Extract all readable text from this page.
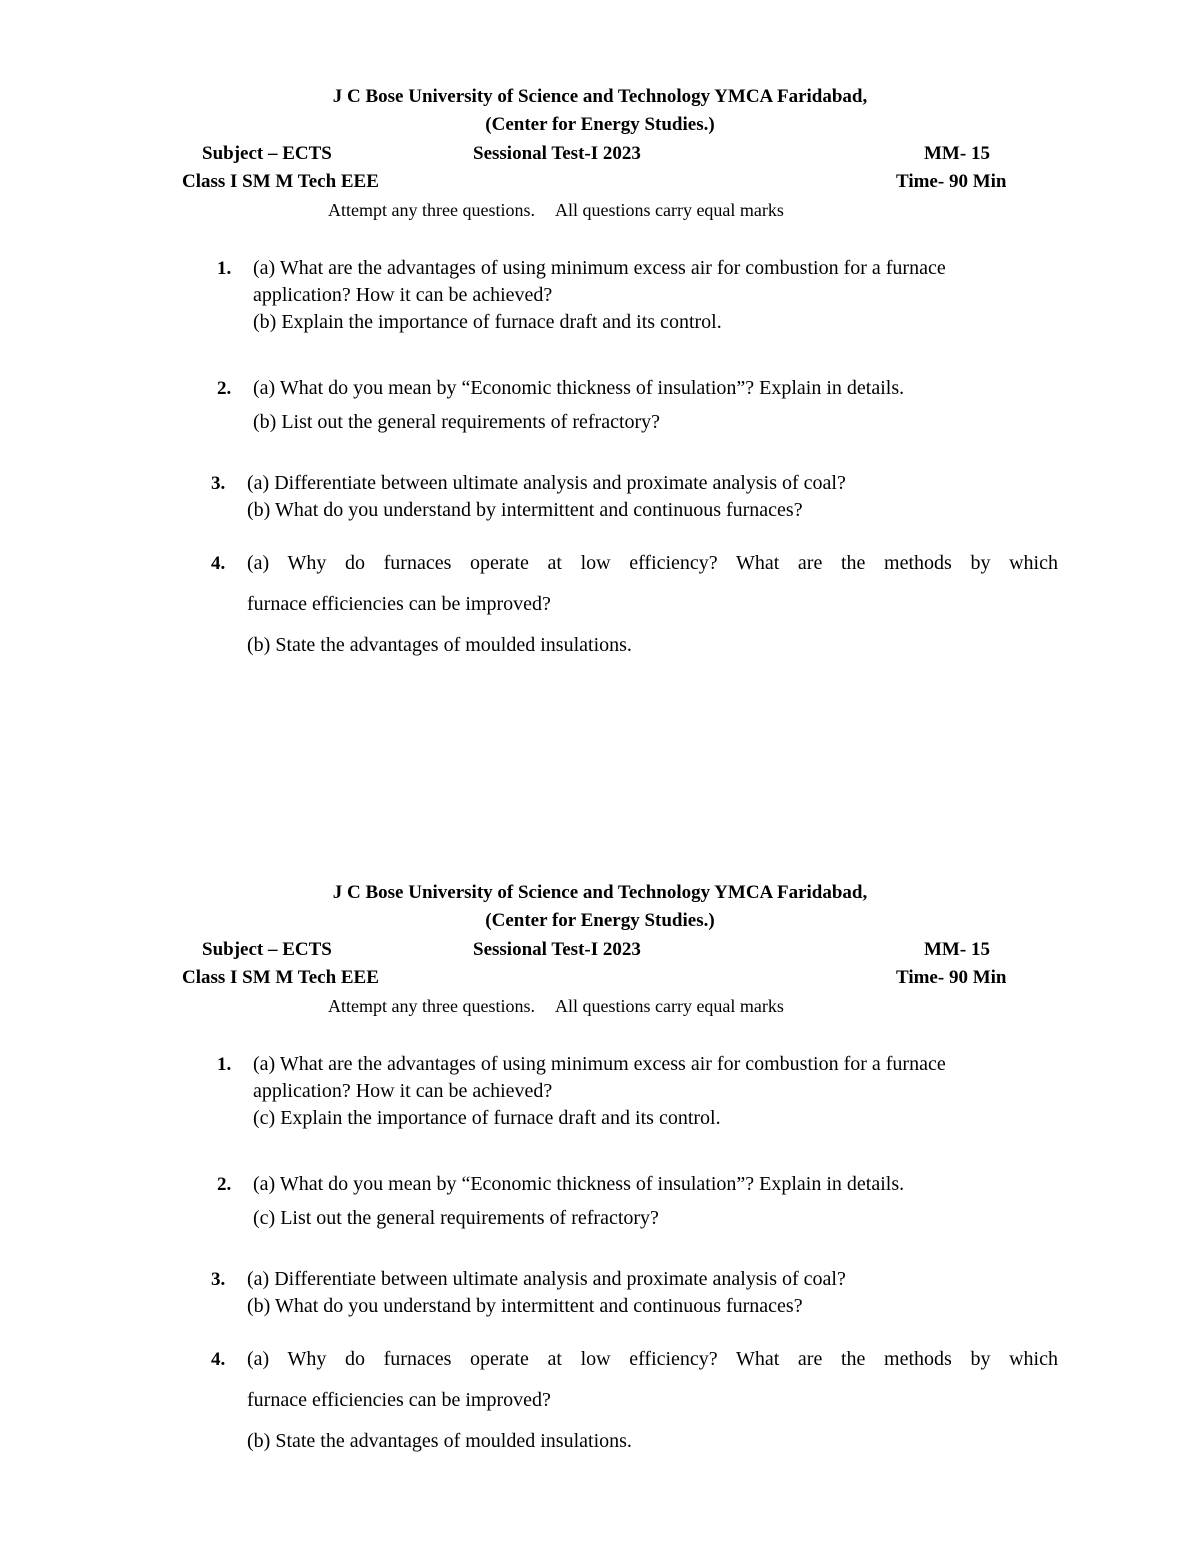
J C Bose University of Science and Technology YMCA Faridabad,
(Center for Energy Studies.)
Subject – ECTS	Sessional Test-I 2023	MM- 15
Class I SM M Tech EEE	Time- 90 Min
Attempt any three questions. All questions carry equal marks
1. (a) What are the advantages of using minimum excess air for combustion for a furnace
application? How it can be achieved?
(b) Explain the importance of furnace draft and its control.
2. (a) What do you mean by “Economic thickness of insulation”? Explain in details.
(b) List out the general requirements of refractory?
3. (a) Differentiate between ultimate analysis and proximate analysis of coal?
(b) What do you understand by intermittent and continuous furnaces?
4. (a) Why do furnaces operate at low efficiency? What are the methods by which
furnace efficiencies can be improved?
(b) State the advantages of moulded insulations.
J C Bose University of Science and Technology YMCA Faridabad,
(Center for Energy Studies.)
Subject – ECTS	Sessional Test-I 2023	MM- 15
Class I SM M Tech EEE	Time- 90 Min
Attempt any three questions. All questions carry equal marks
1. (a) What are the advantages of using minimum excess air for combustion for a furnace
application? How it can be achieved?
(c) Explain the importance of furnace draft and its control.
2. (a) What do you mean by “Economic thickness of insulation”? Explain in details.
(c) List out the general requirements of refractory?
3. (a) Differentiate between ultimate analysis and proximate analysis of coal?
(b) What do you understand by intermittent and continuous furnaces?
4. (a) Why do furnaces operate at low efficiency? What are the methods by which
furnace efficiencies can be improved?
(b) State the advantages of moulded insulations.
